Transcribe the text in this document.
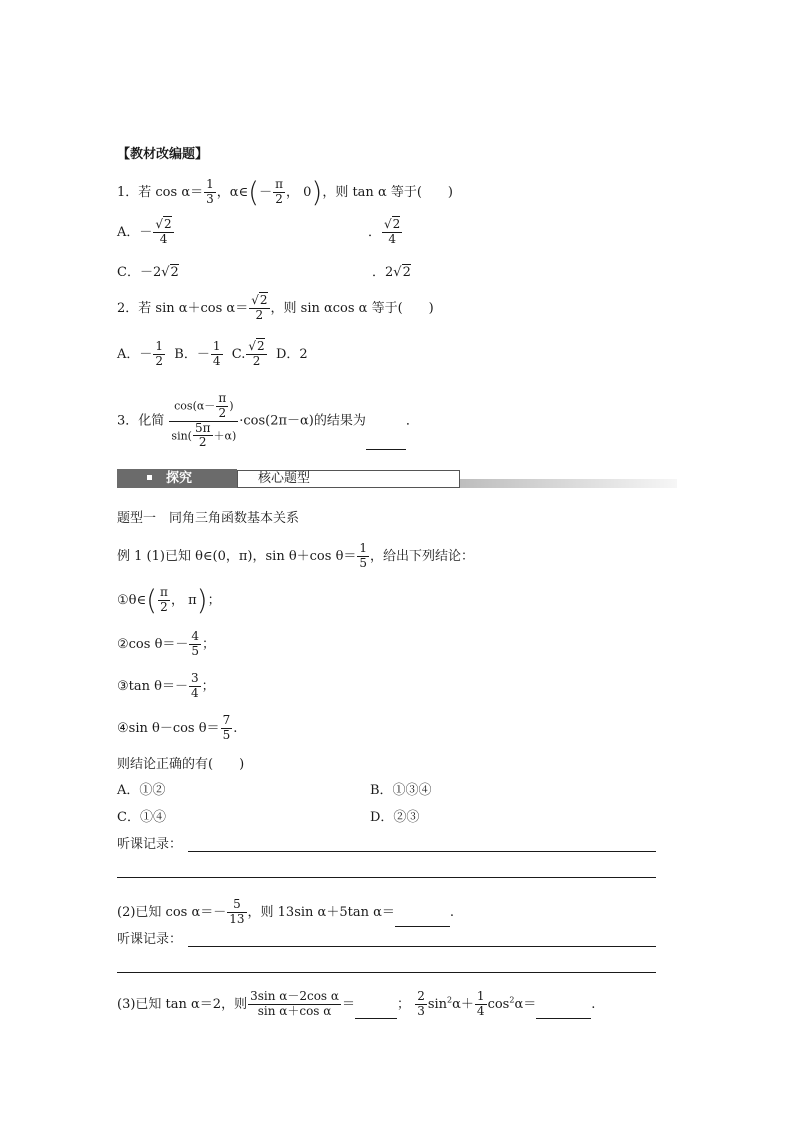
【教材改编题】
1．若 $\cos \alpha= \frac{1}{3}$ ，α∈(－ $\frac{\pi}{2}$ ， 0)，则 tan α 等于(　　)
A．－ $\frac{√2}{4}$	． $\frac{√2}{4}$
C．－2√2	．2√2
2．若 sin α＋cos $\alpha= \frac{√2}{2}$ ，则 sin αcos α 等于(　　)
A．－ $\frac{1}{2}$ B．－ $\frac{1}{4} C$. $\frac{√2}{2}$ D．2
3．化简 $\frac{\cos(\alpha- \frac{\pi}{2} )}{\sin( \frac{5\pi}{2} +\alpha)} \cdot\cos(2\pi-\alpha)$的结果为	．
探究	核心题型
题型一　同角三角函数基本关系
例 1 (1)已知 θ∈(0，π)，sin θ＋cos $\theta= \frac{1}{5}$ ，给出下列结论：
①θ∈( $\frac{\pi}{2}$ ， π)；
②cos $\theta=- \frac{4}{5}$ ；
③tan $\theta=- \frac{3}{4}$ ；
④sin θ－cos $\theta= \frac{7}{5}$ .
则结论正确的有(　　)
A．①②	B．①③④
C．①④	D．②③
听课记录：
(2)已知 $\cos \alpha=- \frac{5}{13}$ ，则 13sin α＋5tan α＝	.
听课记录：
(3)已知 tan α＝2，则 $\frac{\text{3sin α－2cos α}}{\text{sin α＋cos α}}$ ＝	； $\frac{2}{3} \sin^2\alpha+ \frac{1}{4} \cos^2\alpha=$	.
